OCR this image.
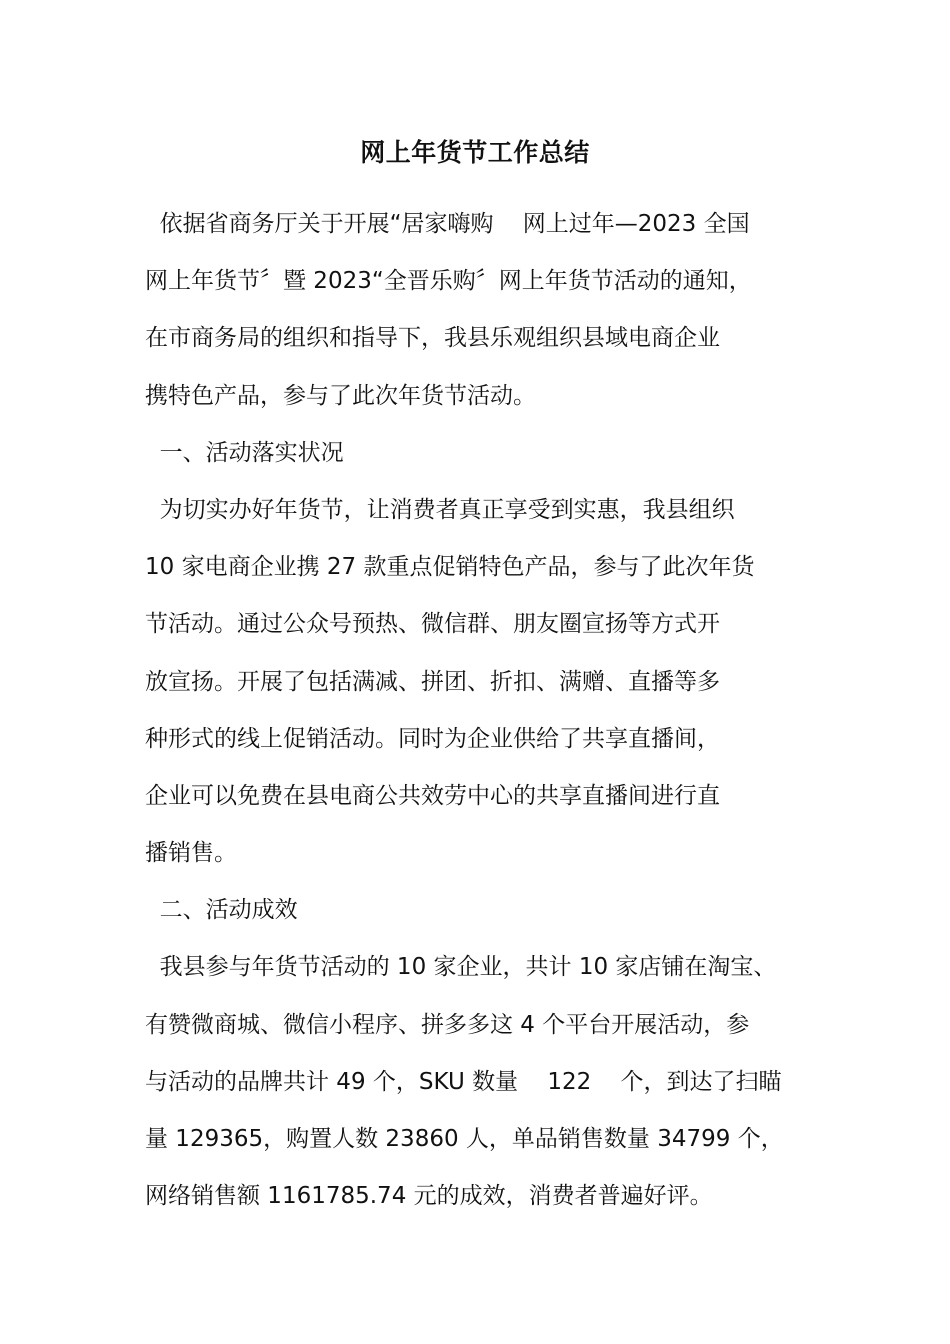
网上年货节工作总结

依据省商务厅关于开展“居家嗨购    网上过年—2023 全国

网上年货节〞暨 2023“全晋乐购〞网上年货节活动的通知，

在市商务局的组织和指导下，我县乐观组织县域电商企业

携特色产品，参与了此次年货节活动。

一、活动落实状况

为切实办好年货节，让消费者真正享受到实惠，我县组织

10 家电商企业携 27 款重点促销特色产品，参与了此次年货

节活动。通过公众号预热、微信群、朋友圈宣扬等方式开

放宣扬。开展了包括满减、拼团、折扣、满赠、直播等多

种形式的线上促销活动。同时为企业供给了共享直播间，

企业可以免费在县电商公共效劳中心的共享直播间进行直

播销售。

二、活动成效

我县参与年货节活动的 10 家企业，共计 10 家店铺在淘宝、

有赞微商城、微信小程序、拼多多这 4 个平台开展活动，参

与活动的品牌共计 49 个，SKU 数量    122    个，到达了扫瞄

量 129365，购置人数 23860 人，单品销售数量 34799 个，

网络销售额 1161785.74 元的成效，消费者普遍好评。
